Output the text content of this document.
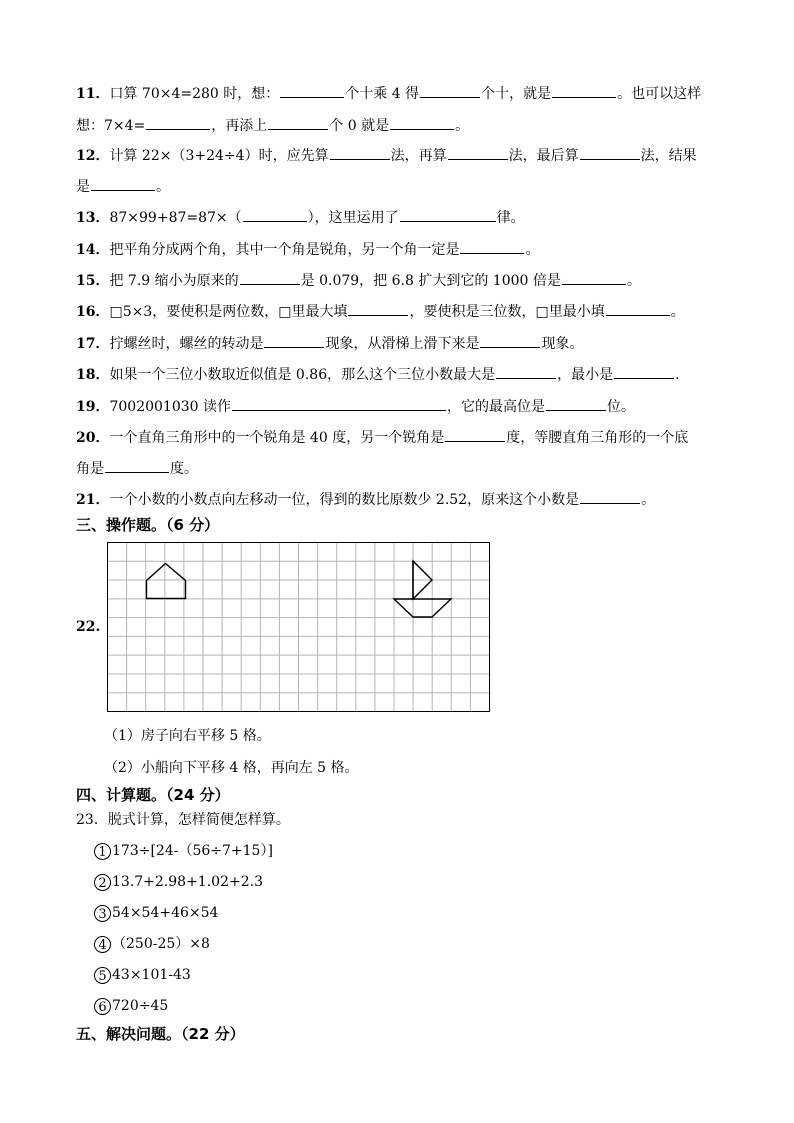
11．口算 70×4=280 时，想：	个十乘 4 得	个十，就是	。也可以这样
想：7×4=	，再添上	个 0 就是	。
12．计算 22×（3+24÷4）时，应先算	法，再算	法，最后算	法，结果
是	。
13．87×99+87=87×（	），这里运用了	律。
14．把平角分成两个角，其中一个角是锐角，另一个角一定是	。
15．把 7.9 缩小为原来的	是 0.079，把 6.8 扩大到它的 1000 倍是	。
16．□5×3，要使积是两位数，□里最大填	，要使积是三位数，□里最小填	。
17．拧螺丝时，螺丝的转动是	现象，从滑梯上滑下来是	现象。
18．如果一个三位小数取近似值是 0.86，那么这个三位小数最大是	，最小是	.
19．7002001030 读作	，它的最高位是	位。
20．一个直角三角形中的一个锐角是 40 度，另一个锐角是	度，等腰直角三角形的一个底
角是	度。
21．一个小数的小数点向左移动一位，得到的数比原数少 2.52，原来这个小数是	。
三、操作题。（6 分）
22.
（1）房子向右平移 5 格。
（2）小船向下平移 4 格，再向左 5 格。
四、计算题。（24 分）
23．脱式计算，怎样简便怎样算。
1 173÷[24-（56÷7+15）]
2 13.7+2.98+1.02+2.3
3 54×54+46×54
4 （250-25）×8
5 43×101-43
6 720÷45
五、解决问题。（22 分）
